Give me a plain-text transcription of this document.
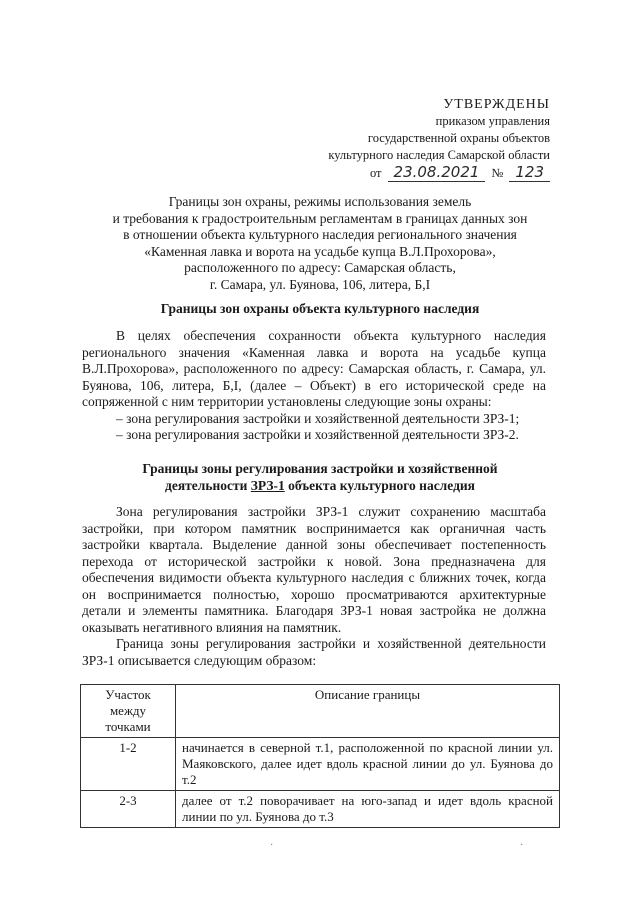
УТВЕРЖДЕНЫ
приказом управления
государственной охраны объектов
культурного наследия Самарской области
от 23.08.2021 № 123
Границы зон охраны, режимы использования земель
и требования к градостроительным регламентам в границах данных зон
в отношении объекта культурного наследия регионального значения
«Каменная лавка и ворота на усадьбе купца В.Л.Прохорова»,
расположенного по адресу: Самарская область,
г. Самара, ул. Буянова, 106, литера, Б,I
Границы зон охраны объекта культурного наследия

В целях обеспечения сохранности объекта культурного наследия регионального значения «Каменная лавка и ворота на усадьбе купца В.Л.Прохорова», расположенного по адресу: Самарская область, г. Самара, ул. Буянова, 106, литера, Б,I, (далее – Объект) в его исторической среде на сопряженной с ним территории установлены следующие зоны охраны:

– зона регулирования застройки и хозяйственной деятельности ЗРЗ-1;

– зона регулирования застройки и хозяйственной деятельности ЗРЗ-2.

Границы зоны регулирования застройки и хозяйственной
деятельности ЗРЗ-1 объекта культурного наследия

Зона регулирования застройки ЗРЗ-1 служит сохранению масштаба застройки, при котором памятник воспринимается как органичная часть застройки квартала. Выделение данной зоны обеспечивает постепенность перехода от исторической застройки к новой. Зона предназначена для обеспечения видимости объекта культурного наследия с ближних точек, когда он воспринимается полностью, хорошо просматриваются архитектурные детали и элементы памятника. Благодаря ЗРЗ-1 новая застройка не должна оказывать негативного влияния на памятник.

Граница зоны регулирования застройки и хозяйственной деятельности ЗРЗ-1 описывается следующим образом:

Участок между точками	Описание границы
1-2	начинается в северной т.1, расположенной по красной линии ул. Маяковского, далее идет вдоль красной линии до ул. Буянова до т.2
2-3	далее от т.2 поворачивает на юго-запад и идет вдоль красной линии по ул. Буянова до т.3
·	·
